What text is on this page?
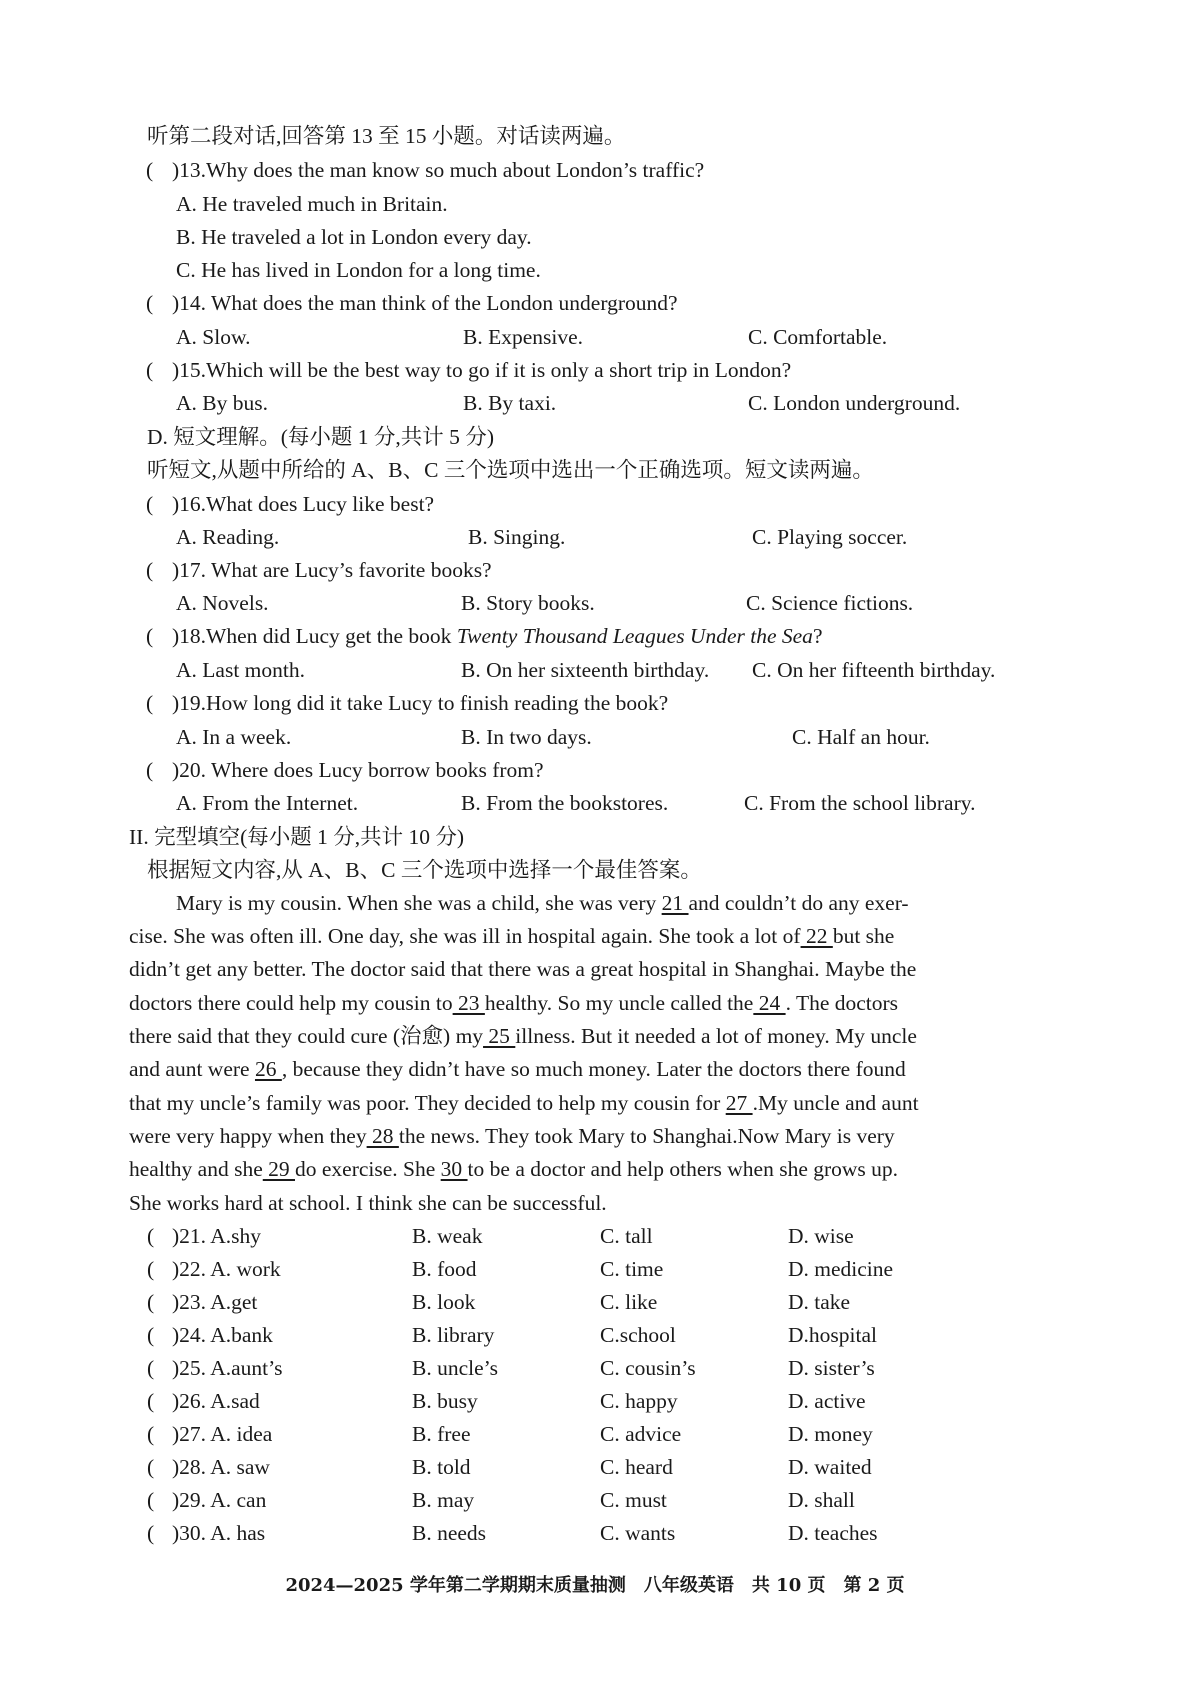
听第二段对话,回答第 13 至 15 小题。对话读两遍。
( )13.Why does the man know so much about London’s traffic?
A. He traveled much in Britain.
B. He traveled a lot in London every day.
C. He has lived in London for a long time.
( )14. What does the man think of the London underground?
A. Slow.	B. Expensive.	C. Comfortable.
( )15.Which will be the best way to go if it is only a short trip in London?
A. By bus.	B. By taxi.	C. London underground.
D. 短文理解。(每小题 1 分,共计 5 分)
听短文,从题中所给的 A、B、C 三个选项中选出一个正确选项。短文读两遍。
( )16.What does Lucy like best?
A. Reading.	B. Singing.	C. Playing soccer.
( )17. What are Lucy’s favorite books?
A. Novels.	B. Story books.	C. Science fictions.
( )18.When did Lucy get the book Twenty Thousand Leagues Under the Sea?
A. Last month.	B. On her sixteenth birthday. C. On her fifteenth birthday.
( )19.How long did it take Lucy to finish reading the book?
A. In a week.	B. In two days.	C. Half an hour.
( )20. Where does Lucy borrow books from?
A. From the Internet.	B. From the bookstores.	C. From the school library.
II. 完型填空(每小题 1 分,共计 10 分)
根据短文内容,从 A、B、C 三个选项中选择一个最佳答案。
Mary is my cousin. When she was a child, she was very 21 and couldn’t do any exer-
cise. She was often ill. One day, she was ill in hospital again. She took a lot of 22 but she
didn’t get any better. The doctor said that there was a great hospital in Shanghai. Maybe the
doctors there could help my cousin to 23 healthy. So my uncle called the 24 . The doctors
there said that they could cure (治愈) my 25 illness. But it needed a lot of money. My uncle
and aunt were 26 , because they didn’t have so much money. Later the doctors there found
that my uncle’s family was poor. They decided to help my cousin for 27 .My uncle and aunt
were very happy when they 28 the news. They took Mary to Shanghai.Now Mary is very
healthy and she 29 do exercise. She 30 to be a doctor and help others when she grows up.
She works hard at school. I think she can be successful.
( )21. A.shy	B. weak	C. tall	D. wise
( )22. A. work	B. food	C. time	D. medicine
( )23. A.get	B. look	C. like	D. take
( )24. A.bank	B. library	C.school	D.hospital
( )25. A.aunt’s	B. uncle’s	C. cousin’s	D. sister’s
( )26. A.sad	B. busy	C. happy	D. active
( )27. A. idea	B. free	C. advice	D. money
( )28. A. saw	B. told	C. heard	D. waited
( )29. A. can	B. may	C. must	D. shall
( )30. A. has	B. needs	C. wants	D. teaches
2024—2025 学年第二学期期末质量抽测　八年级英语　共 10 页　第 2 页
